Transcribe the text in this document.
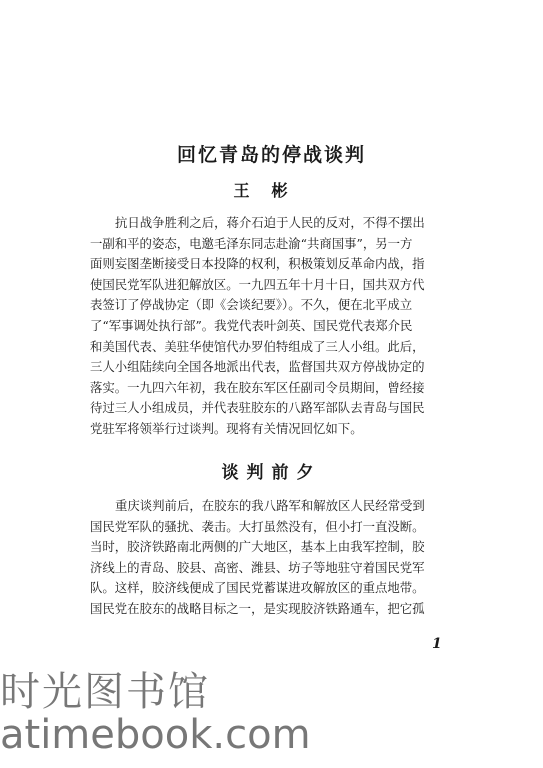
回忆青岛的停战谈判
王彬
抗日战争胜利之后，蒋介石迫于人民的反对，不得不摆出
一副和平的姿态，电邀毛泽东同志赴渝“共商国事”，另一方
面则妄图垄断接受日本投降的权利，积极策划反革命内战，指
使国民党军队进犯解放区。一九四五年十月十日，国共双方代
表签订了停战协定（即《会谈纪要》）。不久，便在北平成立
了“军事调处执行部”。我党代表叶剑英、国民党代表郑介民
和美国代表、美驻华使馆代办罗伯特组成了三人小组。此后，
三人小组陆续向全国各地派出代表，监督国共双方停战协定的
落实。一九四六年初，我在胶东军区任副司令员期间，曾经接
待过三人小组成员，并代表驻胶东的八路军部队去青岛与国民
党驻军将领举行过谈判。现将有关情况回忆如下。
谈判前夕
重庆谈判前后，在胶东的我八路军和解放区人民经常受到
国民党军队的骚扰、袭击。大打虽然没有，但小打一直没断。
当时，胶济铁路南北两侧的广大地区，基本上由我军控制，胶
济线上的青岛、胶县、高密、潍县、坊子等地驻守着国民党军
队。这样，胶济线便成了国民党蓄谋进攻解放区的重点地带。
国民党在胶东的战略目标之一，是实现胶济铁路通车，把它孤
1
时光图书馆
atimebook.com
